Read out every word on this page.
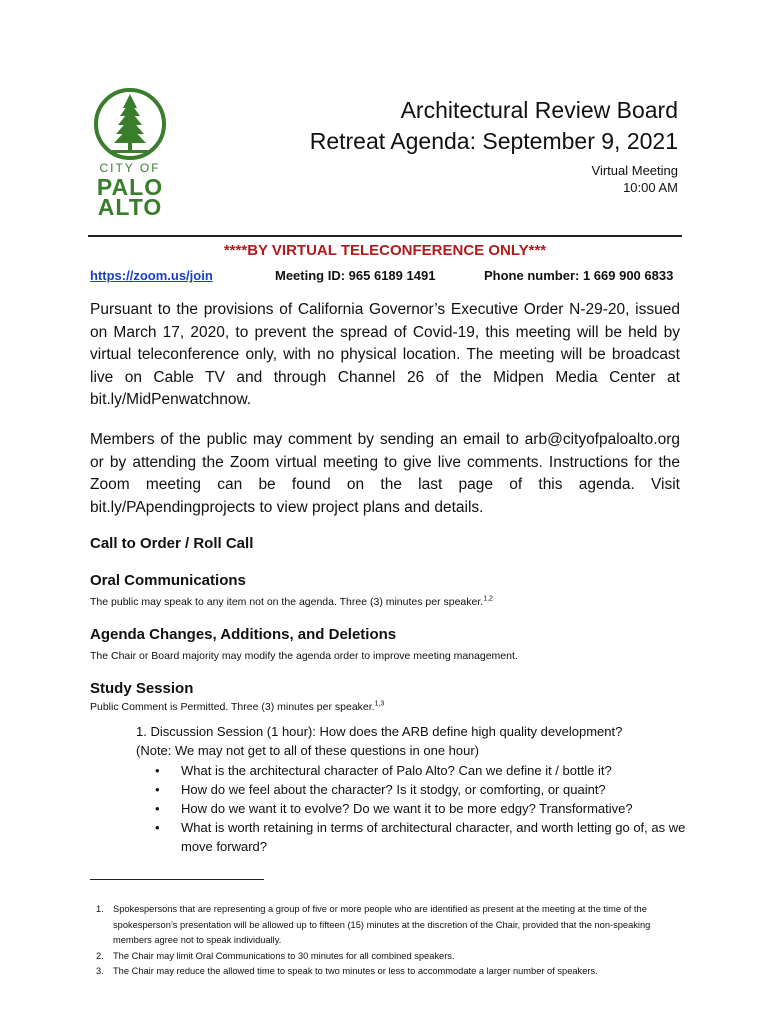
CITY OF
PALO
ALTO
Architectural Review Board
Retreat Agenda: September 9, 2021
Virtual Meeting
10:00 AM
****BY VIRTUAL TELECONFERENCE ONLY***
https://zoom.us/join	Meeting ID: 965 6189 1491	Phone number: 1 669 900 6833
Pursuant to the provisions of California Governor’s Executive Order N-29-20, issued on March 17, 2020, to prevent the spread of Covid-19, this meeting will be held by virtual teleconference only, with no physical location. The meeting will be broadcast live on Cable TV and through Channel 26 of the Midpen Media Center at bit.ly/MidPenwatchnow.
Members of the public may comment by sending an email to arb@cityofpaloalto.org or by attending the Zoom virtual meeting to give live comments. Instructions for the Zoom meeting can be found on the last page of this agenda. Visit bit.ly/PApendingprojects to view project plans and details.
Call to Order / Roll Call
Oral Communications
The public may speak to any item not on the agenda. Three (3) minutes per speaker.$^{1,2}$
Agenda Changes, Additions, and Deletions
The Chair or Board majority may modify the agenda order to improve meeting management.
Study Session
Public Comment is Permitted. Three (3) minutes per speaker.$^{1,3}$
1. Discussion Session (1 hour): How does the ARB define high quality development?
(Note: We may not get to all of these questions in one hour)
• What is the architectural character of Palo Alto? Can we define it / bottle it?
• How do we feel about the character? Is it stodgy, or comforting, or quaint?
• How do we want it to evolve? Do we want it to be more edgy? Transformative?
• What is worth retaining in terms of architectural character, and worth letting go of, as we move forward?
1. Spokespersons that are representing a group of five or more people who are identified as present at the meeting at the time of the spokesperson’s presentation will be allowed up to fifteen (15) minutes at the discretion of the Chair, provided that the non-speaking members agree not to speak individually.
2. The Chair may limit Oral Communications to 30 minutes for all combined speakers.
3. The Chair may reduce the allowed time to speak to two minutes or less to accommodate a larger number of speakers.
